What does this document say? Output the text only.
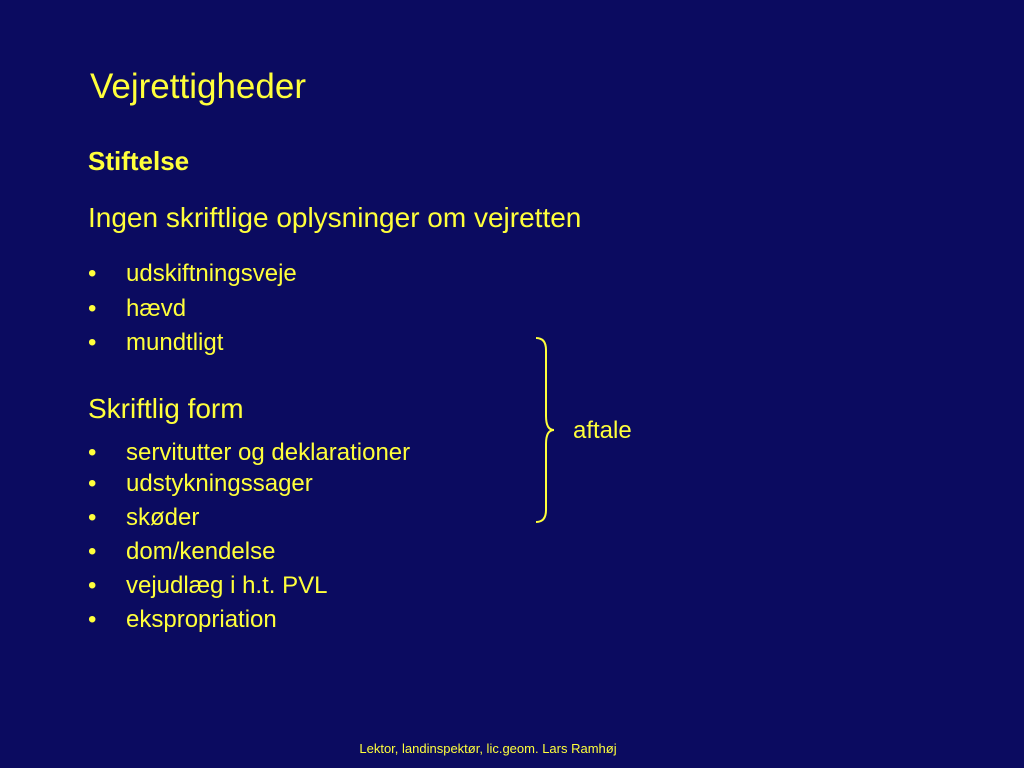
Vejrettigheder
Stiftelse
Ingen skriftlige oplysninger om vejretten
• udskiftningsveje
• hævd
• mundtligt
Skriftlig form
• servitutter og deklarationer
• udstykningssager
• skøder
• dom/kendelse
• vejudlæg i h.t. PVL
• ekspropriation
aftale
Lektor, landinspektør, lic.geom. Lars Ramhøj
